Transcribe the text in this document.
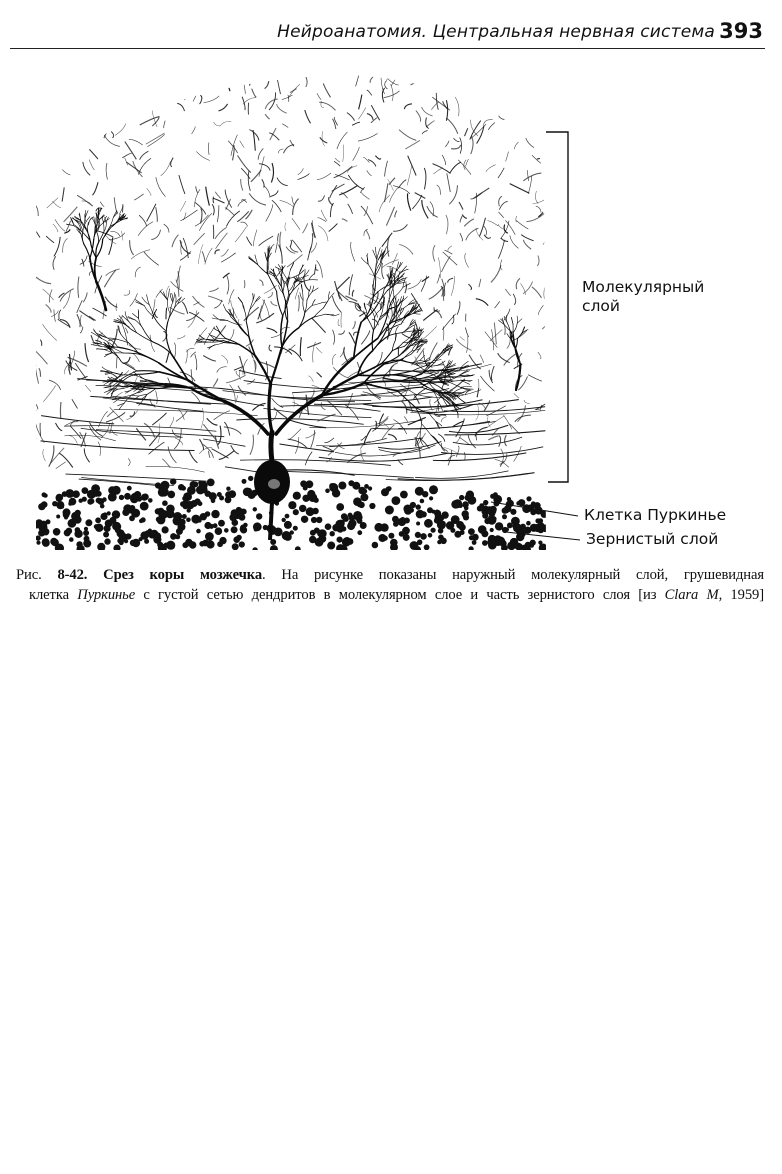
Нейроанатомия. Центральная нервная система 393
Молекулярный слой
Клетка Пуркинье
Зернистый слой
Рис. 8-42. Срез коры мозжечка. На рисунке показаны наружный молекулярный слой, грушевидная
клетка Пуркинье с густой сетью дендритов в молекулярном слое и часть зернистого слоя [из Clara M, 1959]
